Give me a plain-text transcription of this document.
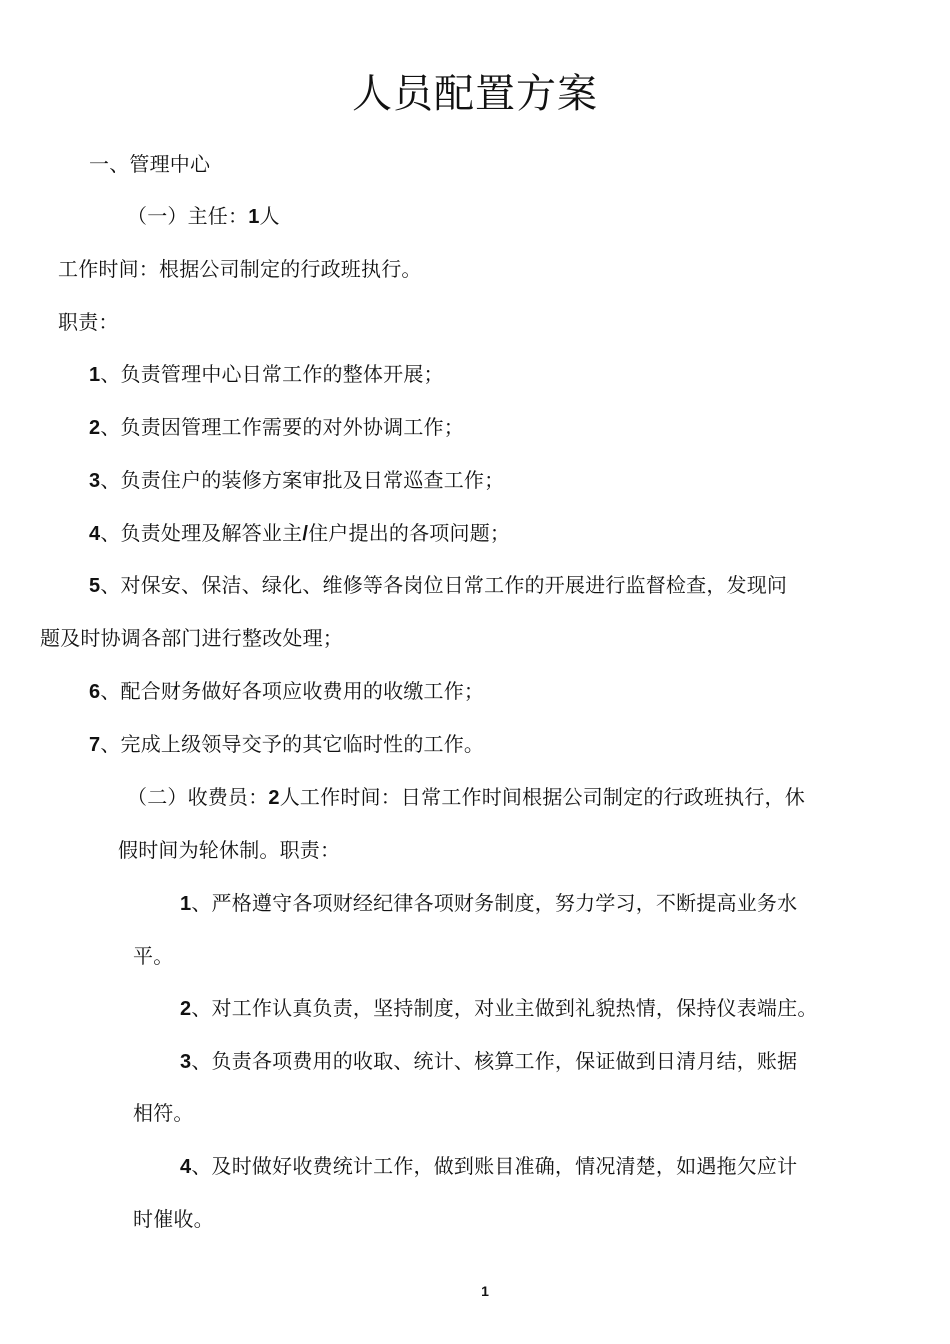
人员配置方案
一、管理中心
（一）主任：1人
工作时间：根据公司制定的行政班执行。
职责：
1、负责管理中心日常工作的整体开展；
2、负责因管理工作需要的对外协调工作；
3、负责住户的装修方案审批及日常巡查工作；
4、负责处理及解答业主/住户提出的各项问题；
5、对保安、保洁、绿化、维修等各岗位日常工作的开展进行监督检查，发现问
题及时协调各部门进行整改处理；
6、配合财务做好各项应收费用的收缴工作；
7、完成上级领导交予的其它临时性的工作。
（二）收费员：2人工作时间：日常工作时间根据公司制定的行政班执行，休
假时间为轮休制。职责：
1、严格遵守各项财经纪律各项财务制度，努力学习，不断提高业务水
平。
2、对工作认真负责，坚持制度，对业主做到礼貌热情，保持仪表端庄。
3、负责各项费用的收取、统计、核算工作，保证做到日清月结，账据
相符。
4、及时做好收费统计工作，做到账目准确，情况清楚，如遇拖欠应计
时催收。
1
